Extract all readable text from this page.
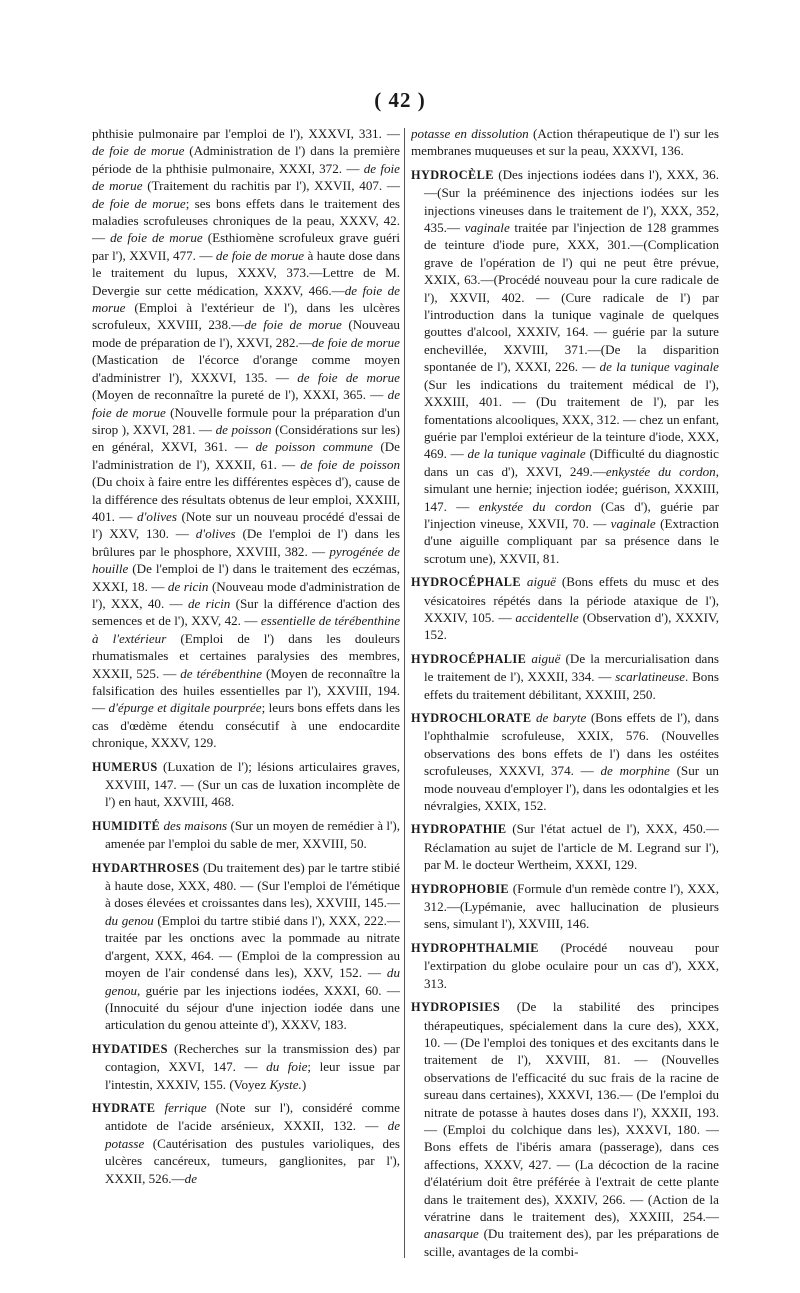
( 42 )

phthisie pulmonaire par l'emploi de l'), XXXVI, 331. — de foie de morue (Administration de l') dans la première période de la phthisie pulmonaire, XXXI, 372. — de foie de morue (Traitement du rachitis par l'), XXVII, 407. — de foie de morue; ses bons effets dans le traitement des maladies scrofuleuses chroniques de la peau, XXXV, 42. — de foie de morue (Esthiomène scrofuleux grave guéri par l'), XXVII, 477. — de foie de morue à haute dose dans le traitement du lupus, XXXV, 373.—Lettre de M. Devergie sur cette médication, XXXV, 466.—de foie de morue (Emploi à l'extérieur de l'), dans les ulcères scrofuleux, XXVIII, 238.—de foie de morue (Nouveau mode de préparation de l'), XXVI, 282.—de foie de morue (Mastication de l'écorce d'orange comme moyen d'administrer l'), XXXVI, 135. — de foie de morue (Moyen de reconnaître la pureté de l'), XXXI, 365. — de foie de morue (Nouvelle formule pour la préparation d'un sirop ), XXVI, 281. — de poisson (Considérations sur les) en général, XXVI, 361. — de poisson commune (De l'administration de l'), XXXII, 61. — de foie de poisson (Du choix à faire entre les différentes espèces d'), cause de la différence des résultats obtenus de leur emploi, XXXIII, 401. — d'olives (Note sur un nouveau procédé d'essai de l') XXV, 130. — d'olives (De l'emploi de l') dans les brûlures par le phosphore, XXVIII, 382. — pyrogénée de houille (De l'emploi de l') dans le traitement des eczémas, XXXI, 18. — de ricin (Nouveau mode d'administration de l'), XXX, 40. — de ricin (Sur la différence d'action des semences et de l'), XXV, 42. — essentielle de térébenthine à l'extérieur (Emploi de l') dans les douleurs rhumatismales et certaines paralysies des membres, XXXII, 525. — de térébenthine (Moyen de reconnaître la falsification des huiles essentielles par l'), XXVIII, 194. — d'épurge et digitale pourprée; leurs bons effets dans les cas d'œdème étendu consécutif à une endocardite chronique, XXXV, 129.

HUMERUS (Luxation de l'); lésions articulaires graves, XXVIII, 147. — (Sur un cas de luxation incomplète de l') en haut, XXVIII, 468.

HUMIDITÉ des maisons (Sur un moyen de remédier à l'), amenée par l'emploi du sable de mer, XXVIII, 50.

HYDARTHROSES (Du traitement des) par le tartre stibié à haute dose, XXX, 480. — (Sur l'emploi de l'émétique à doses élevées et croissantes dans les), XXVIII, 145.— du genou (Emploi du tartre stibié dans l'), XXX, 222.— traitée par les onctions avec la pommade au nitrate d'argent, XXX, 464. — (Emploi de la compression au moyen de l'air condensé dans les), XXV, 152. — du genou, guérie par les injections iodées, XXXI, 60. — (Innocuité du séjour d'une injection iodée dans une articulation du genou atteinte d'), XXXV, 183.

HYDATIDES (Recherches sur la transmission des) par contagion, XXVI, 147. — du foie; leur issue par l'intestin, XXXIV, 155. (Voyez Kyste.)

HYDRATE ferrique (Note sur l'), considéré comme antidote de l'acide arsénieux, XXXII, 132. — de potasse (Cautérisation des pustules varioliques, des ulcères cancéreux, tumeurs, ganglionites, par l'), XXXII, 526.—de

potasse en dissolution (Action thérapeutique de l') sur les membranes muqueuses et sur la peau, XXXVI, 136.

HYDROCÈLE (Des injections iodées dans l'), XXX, 36.—(Sur la prééminence des injections iodées sur les injections vineuses dans le traitement de l'), XXX, 352, 435.— vaginale traitée par l'injection de 128 grammes de teinture d'iode pure, XXX, 301.—(Complication grave de l'opération de l') qui ne peut être prévue, XXIX, 63.—(Procédé nouveau pour la cure radicale de l'), XXVII, 402. — (Cure radicale de l') par l'introduction dans la tunique vaginale de quelques gouttes d'alcool, XXXIV, 164. — guérie par la suture enchevillée, XXVIII, 371.—(De la disparition spontanée de l'), XXXI, 226. — de la tunique vaginale (Sur les indications du traitement médical de l'), XXXIII, 401. — (Du traitement de l'), par les fomentations alcooliques, XXX, 312. — chez un enfant, guérie par l'emploi extérieur de la teinture d'iode, XXX, 469. — de la tunique vaginale (Difficulté du diagnostic dans un cas d'), XXVI, 249.—enkystée du cordon, simulant une hernie; injection iodée; guérison, XXXIII, 147. — enkystée du cordon (Cas d'), guérie par l'injection vineuse, XXVII, 70. — vaginale (Extraction d'une aiguille compliquant par sa présence dans le scrotum une), XXVII, 81.

HYDROCÉPHALE aiguë (Bons effets du musc et des vésicatoires répétés dans la période ataxique de l'), XXXIV, 105. — accidentelle (Observation d'), XXXIV, 152.

HYDROCÉPHALIE aiguë (De la mercurialisation dans le traitement de l'), XXXII, 334. — scarlatineuse. Bons effets du traitement débilitant, XXXIII, 250.

HYDROCHLORATE de baryte (Bons effets de l'), dans l'ophthalmie scrofuleuse, XXIX, 576. (Nouvelles observations des bons effets de l') dans les ostéites scrofuleuses, XXXVI, 374. — de morphine (Sur un mode nouveau d'employer l'), dans les odontalgies et les névralgies, XXIX, 152.

HYDROPATHIE (Sur l'état actuel de l'), XXX, 450.— Réclamation au sujet de l'article de M. Legrand sur l'), par M. le docteur Wertheim, XXXI, 129.

HYDROPHOBIE (Formule d'un remède contre l'), XXX, 312.—(Lypémanie, avec hallucination de plusieurs sens, simulant l'), XXVIII, 146.

HYDROPHTHALMIE (Procédé nouveau pour l'extirpation du globe oculaire pour un cas d'), XXX, 313.

HYDROPISIES (De la stabilité des principes thérapeutiques, spécialement dans la cure des), XXX, 10. — (De l'emploi des toniques et des excitants dans le traitement de l'), XXVIII, 81. — (Nouvelles observations de l'efficacité du suc frais de la racine de sureau dans certaines), XXXVI, 136.— (De l'emploi du nitrate de potasse à hautes doses dans l'), XXXII, 193. — (Emploi du colchique dans les), XXXVI, 180. — Bons effets de l'ibéris amara (passerage), dans ces affections, XXXV, 427. — (La décoction de la racine d'élatérium doit être préférée à l'extrait de cette plante dans le traitement des), XXXIV, 266. — (Action de la vératrine dans le traitement des), XXXIII, 254.— anasarque (Du traitement des), par les préparations de scille, avantages de la combi-
